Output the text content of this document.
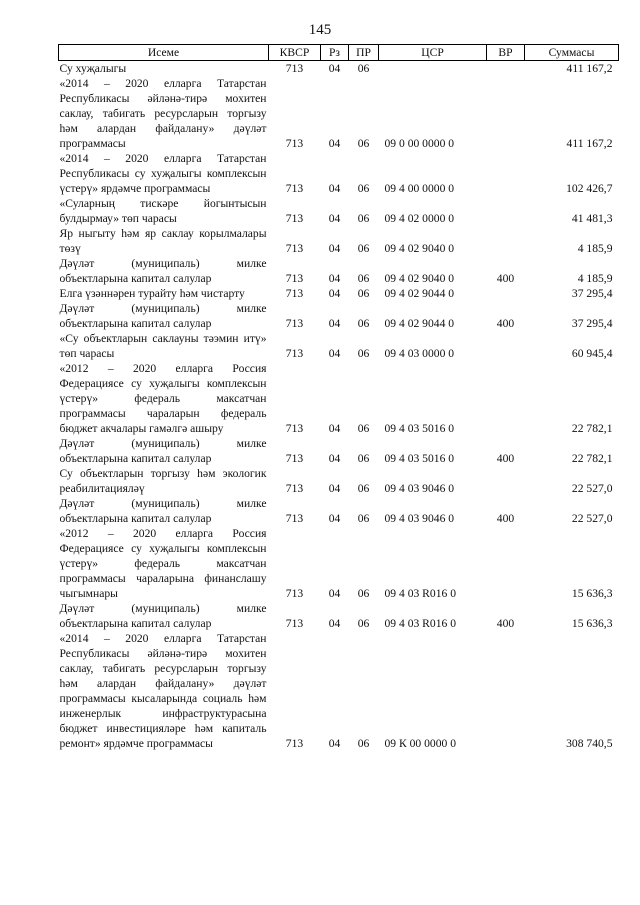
145
Исеме	КВСР	Рз	ПР	ЦСР	ВР	Суммасы
Су хуҗалыгы	713	04	06			411 167,2
«2014 – 2020 елларга Татарстан Республикасы әйләнә-тирә мохитен саклау, табигать ресурсларын торгызу һәм алардан файдалану» дәүләт программасы	713	04	06	09 0 00 0000 0		411 167,2
«2014 – 2020 елларга Татарстан Республикасы су хуҗалыгы комплексын үстерү» ярдәмче программасы	713	04	06	09 4 00 0000 0		102 426,7
«Суларның тискәре йогынтысын булдырмау» төп чарасы	713	04	06	09 4 02 0000 0		41 481,3
Яр ныгыту һәм яр саклау корылмалары төзү	713	04	06	09 4 02 9040 0		4 185,9
Дәүләт (муниципаль) милке объектларына капитал салулар	713	04	06	09 4 02 9040 0	400	4 185,9
Елга үзәннәрен турайту һәм чистарту	713	04	06	09 4 02 9044 0		37 295,4
Дәүләт (муниципаль) милке объектларына капитал салулар	713	04	06	09 4 02 9044 0	400	37 295,4
«Су объектларын саклауны тәэмин итү» төп чарасы	713	04	06	09 4 03 0000 0		60 945,4
«2012 – 2020 елларга Россия Федерациясе су хуҗалыгы комплексын үстерү» федераль максатчан программасы чараларын федераль бюджет акчалары гамәлгә ашыру	713	04	06	09 4 03 5016 0		22 782,1
Дәүләт (муниципаль) милке объектларына капитал салулар	713	04	06	09 4 03 5016 0	400	22 782,1
Су объектларын торгызу һәм экологик реабилитацияләү	713	04	06	09 4 03 9046 0		22 527,0
Дәүләт (муниципаль) милке объектларына капитал салулар	713	04	06	09 4 03 9046 0	400	22 527,0
«2012 – 2020 елларга Россия Федерациясе су хуҗалыгы комплексын үстерү» федераль максатчан программасы чараларына финанслашу чыгымнары	713	04	06	09 4 03 R016 0		15 636,3
Дәүләт (муниципаль) милке объектларына капитал салулар	713	04	06	09 4 03 R016 0	400	15 636,3
«2014 – 2020 елларга Татарстан Республикасы әйләнә-тирә мохитен саклау, табигать ресурсларын торгызу һәм алардан файдалану» дәүләт программасы кысаларында социаль һәм инженерлык инфраструктурасына бюджет инвестицияләре һәм капиталь ремонт» ярдәмче программасы	713	04	06	09 К 00 0000 0		308 740,5
